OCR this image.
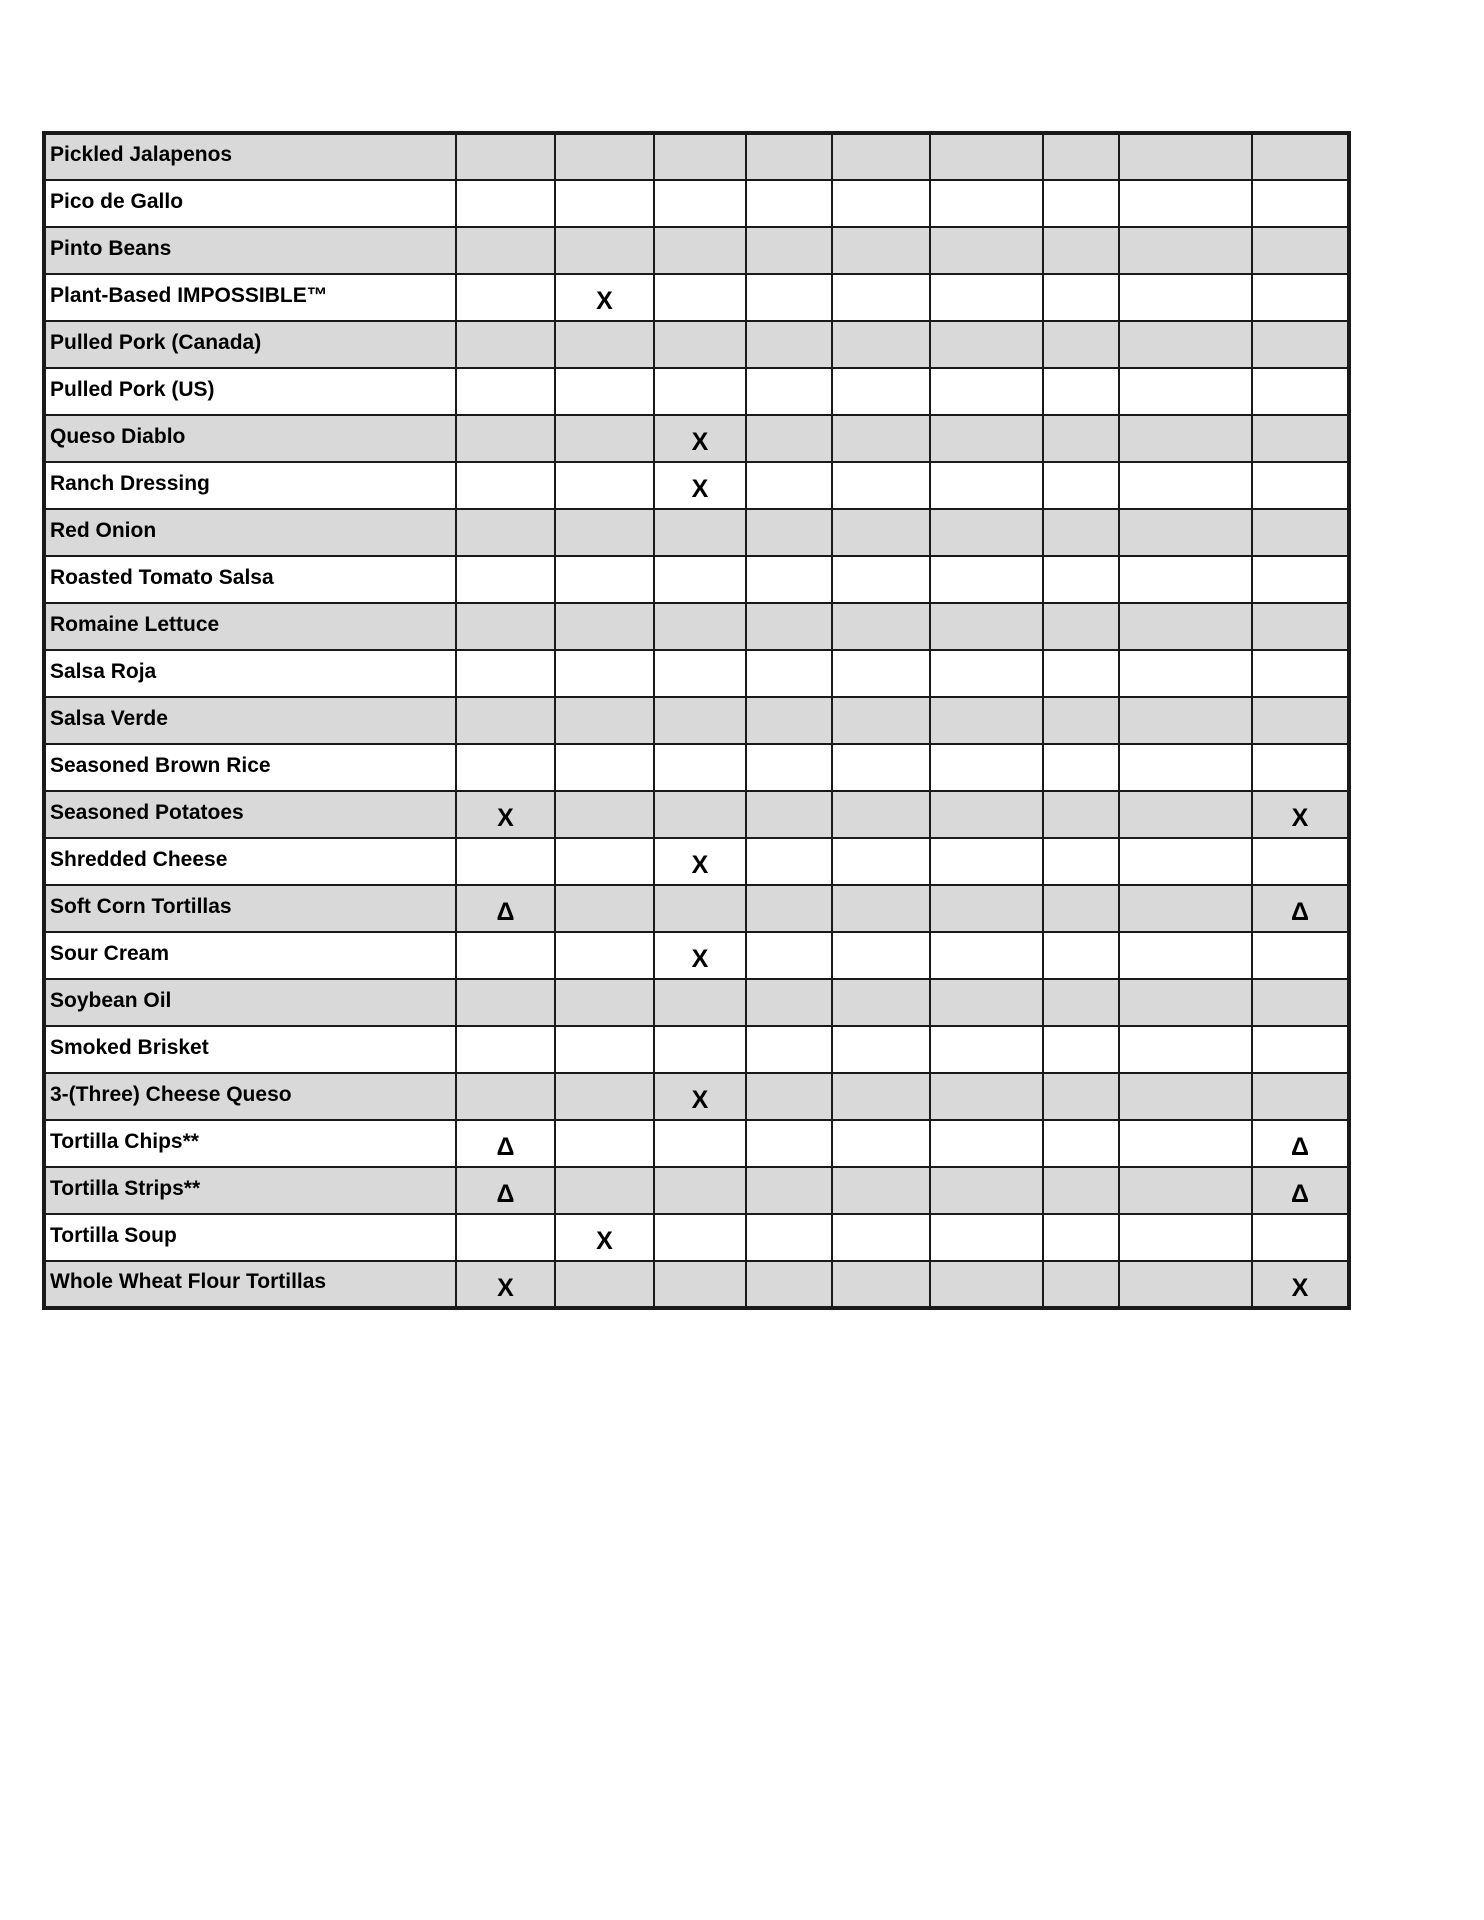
Pickled Jalapenos									
Pico de Gallo									
Pinto Beans									
Plant-Based IMPOSSIBLE™		X							
Pulled Pork (Canada)									
Pulled Pork (US)									
Queso Diablo			X						
Ranch Dressing			X						
Red Onion									
Roasted Tomato Salsa									
Romaine Lettuce									
Salsa Roja									
Salsa Verde									
Seasoned Brown Rice									
Seasoned Potatoes	X								X
Shredded Cheese			X						
Soft Corn Tortillas	Δ								Δ
Sour Cream			X						
Soybean Oil									
Smoked Brisket									
3-(Three) Cheese Queso			X						
Tortilla Chips**	Δ								Δ
Tortilla Strips**	Δ								Δ
Tortilla Soup		X							
Whole Wheat Flour Tortillas	X								X
